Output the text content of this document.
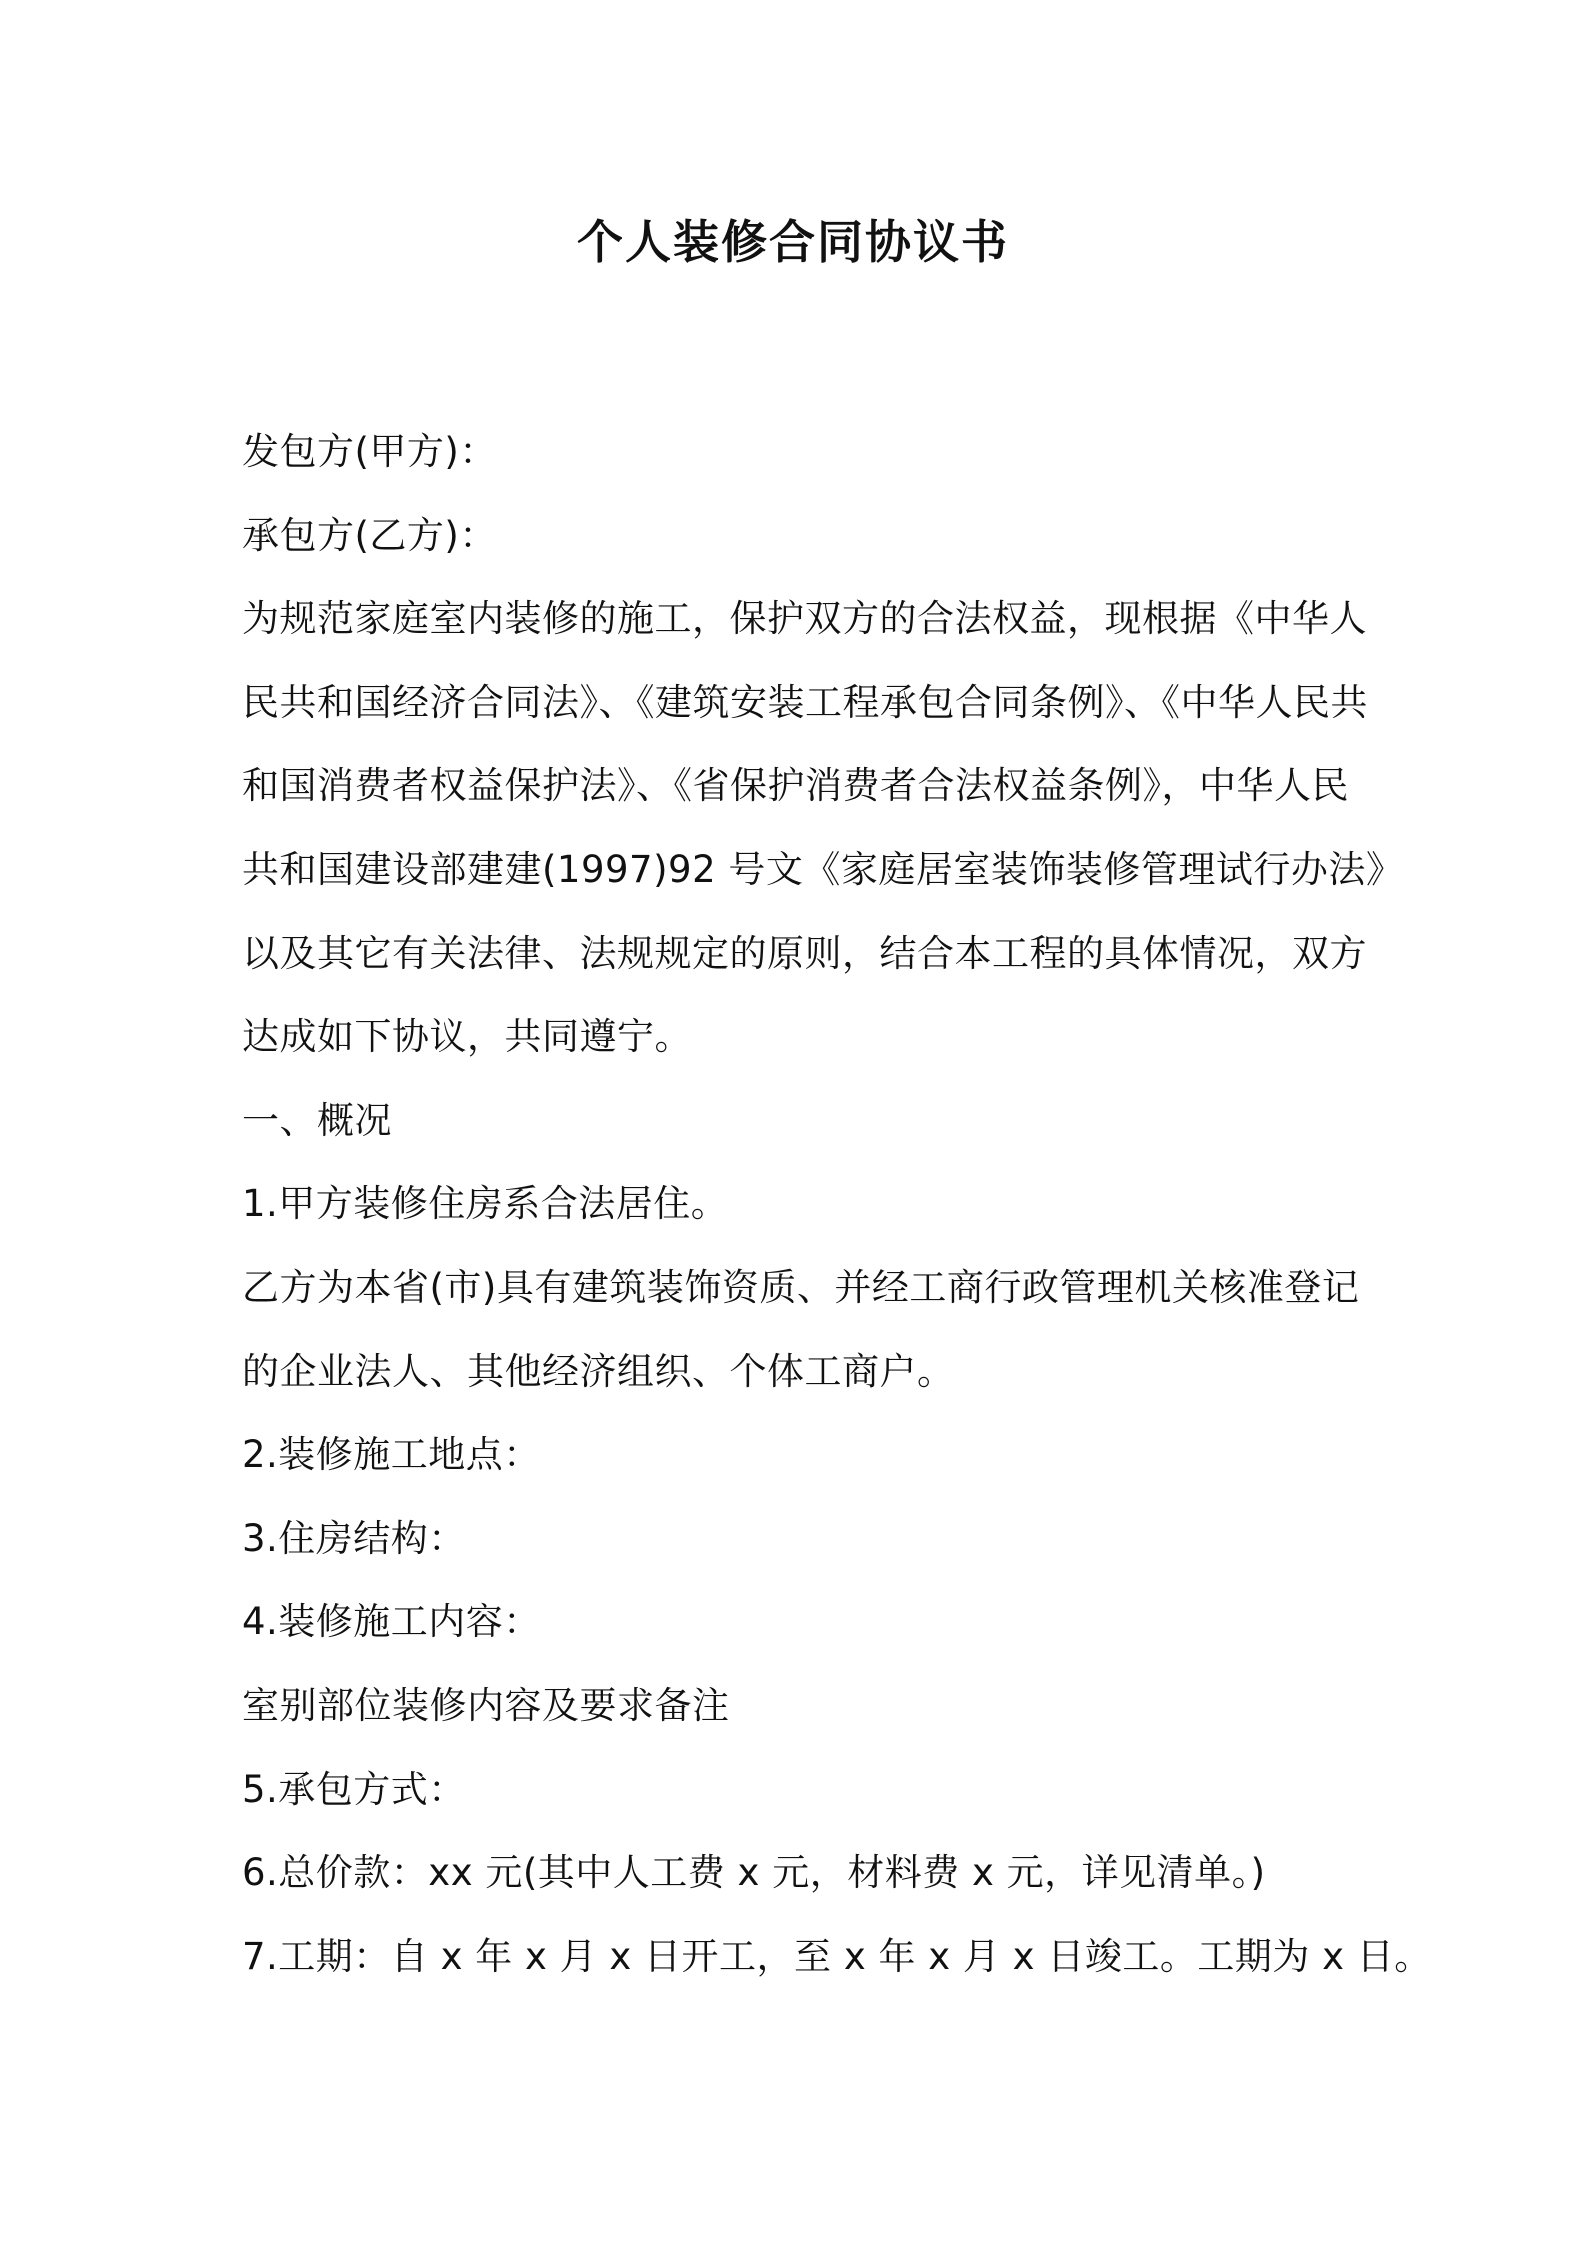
个人装修合同协议书
发包方(甲方)：
承包方(乙方)：
为规范家庭室内装修的施工，保护双方的合法权益，现根据《中华人
民共和国经济合同法》、《建筑安装工程承包合同条例》、《中华人民共
和国消费者权益保护法》、《省保护消费者合法权益条例》，中华人民
共和国建设部建建(1997)92 号文《家庭居室装饰装修管理试行办法》
以及其它有关法律、法规规定的原则，结合本工程的具体情况，双方
达成如下协议，共同遵宁。
一、概况
1.甲方装修住房系合法居住。
乙方为本省(市)具有建筑装饰资质、并经工商行政管理机关核准登记
的企业法人、其他经济组织、个体工商户。
2.装修施工地点：
3.住房结构：
4.装修施工内容：
室别部位装修内容及要求备注
5.承包方式：
6.总价款：xx 元(其中人工费 x 元，材料费 x 元，详见清单。)
7.工期：自 x 年 x 月 x 日开工，至 x 年 x 月 x 日竣工。工期为 x 日。
